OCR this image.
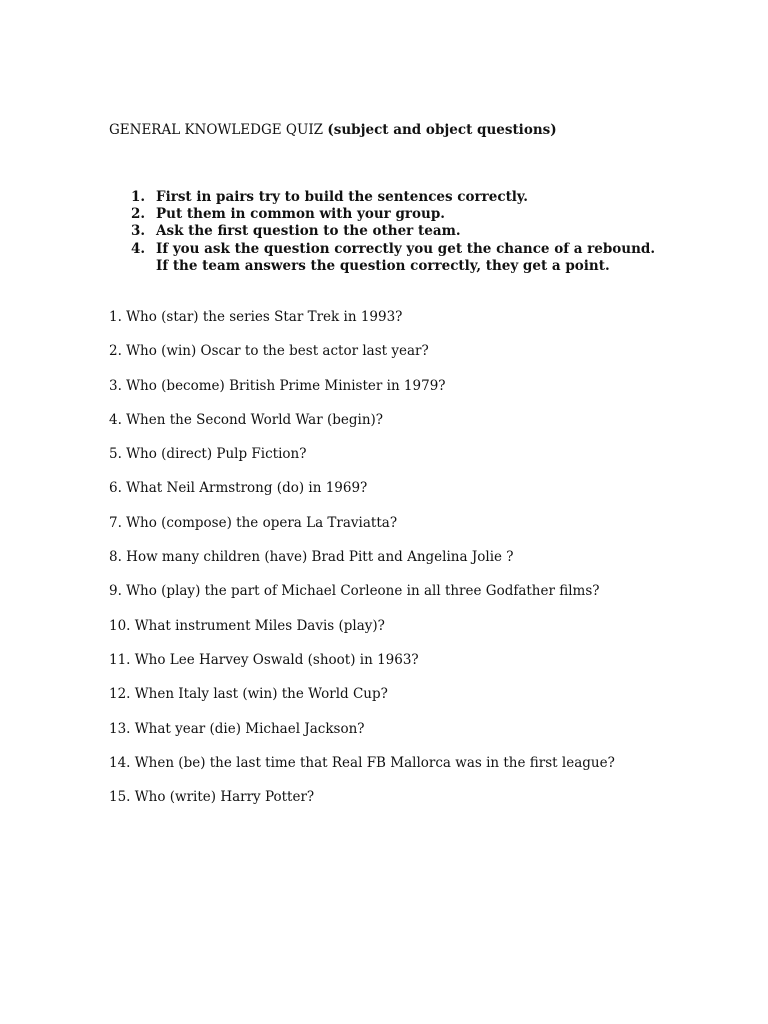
GENERAL KNOWLEDGE QUIZ (subject and object questions)
1. First in pairs try to build the sentences correctly.
2. Put them in common with your group.
3. Ask the first question to the other team.
4. If you ask the question correctly you get the chance of a rebound. If the team answers the question correctly, they get a point.
1. Who (star) the series Star Trek in 1993?
2. Who (win) Oscar to the best actor last year?
3. Who (become) British Prime Minister in 1979?
4. When the Second World War (begin)?
5. Who (direct) Pulp Fiction?
6. What Neil Armstrong (do) in 1969?
7. Who (compose) the opera La Traviatta?
8. How many children (have) Brad Pitt and Angelina Jolie ?
9. Who (play) the part of Michael Corleone in all three Godfather films?
10. What instrument Miles Davis (play)?
11. Who Lee Harvey Oswald (shoot) in 1963?
12. When Italy last (win) the World Cup?
13. What year (die) Michael Jackson?
14. When (be) the last time that Real FB Mallorca was in the first league?
15. Who (write) Harry Potter?
